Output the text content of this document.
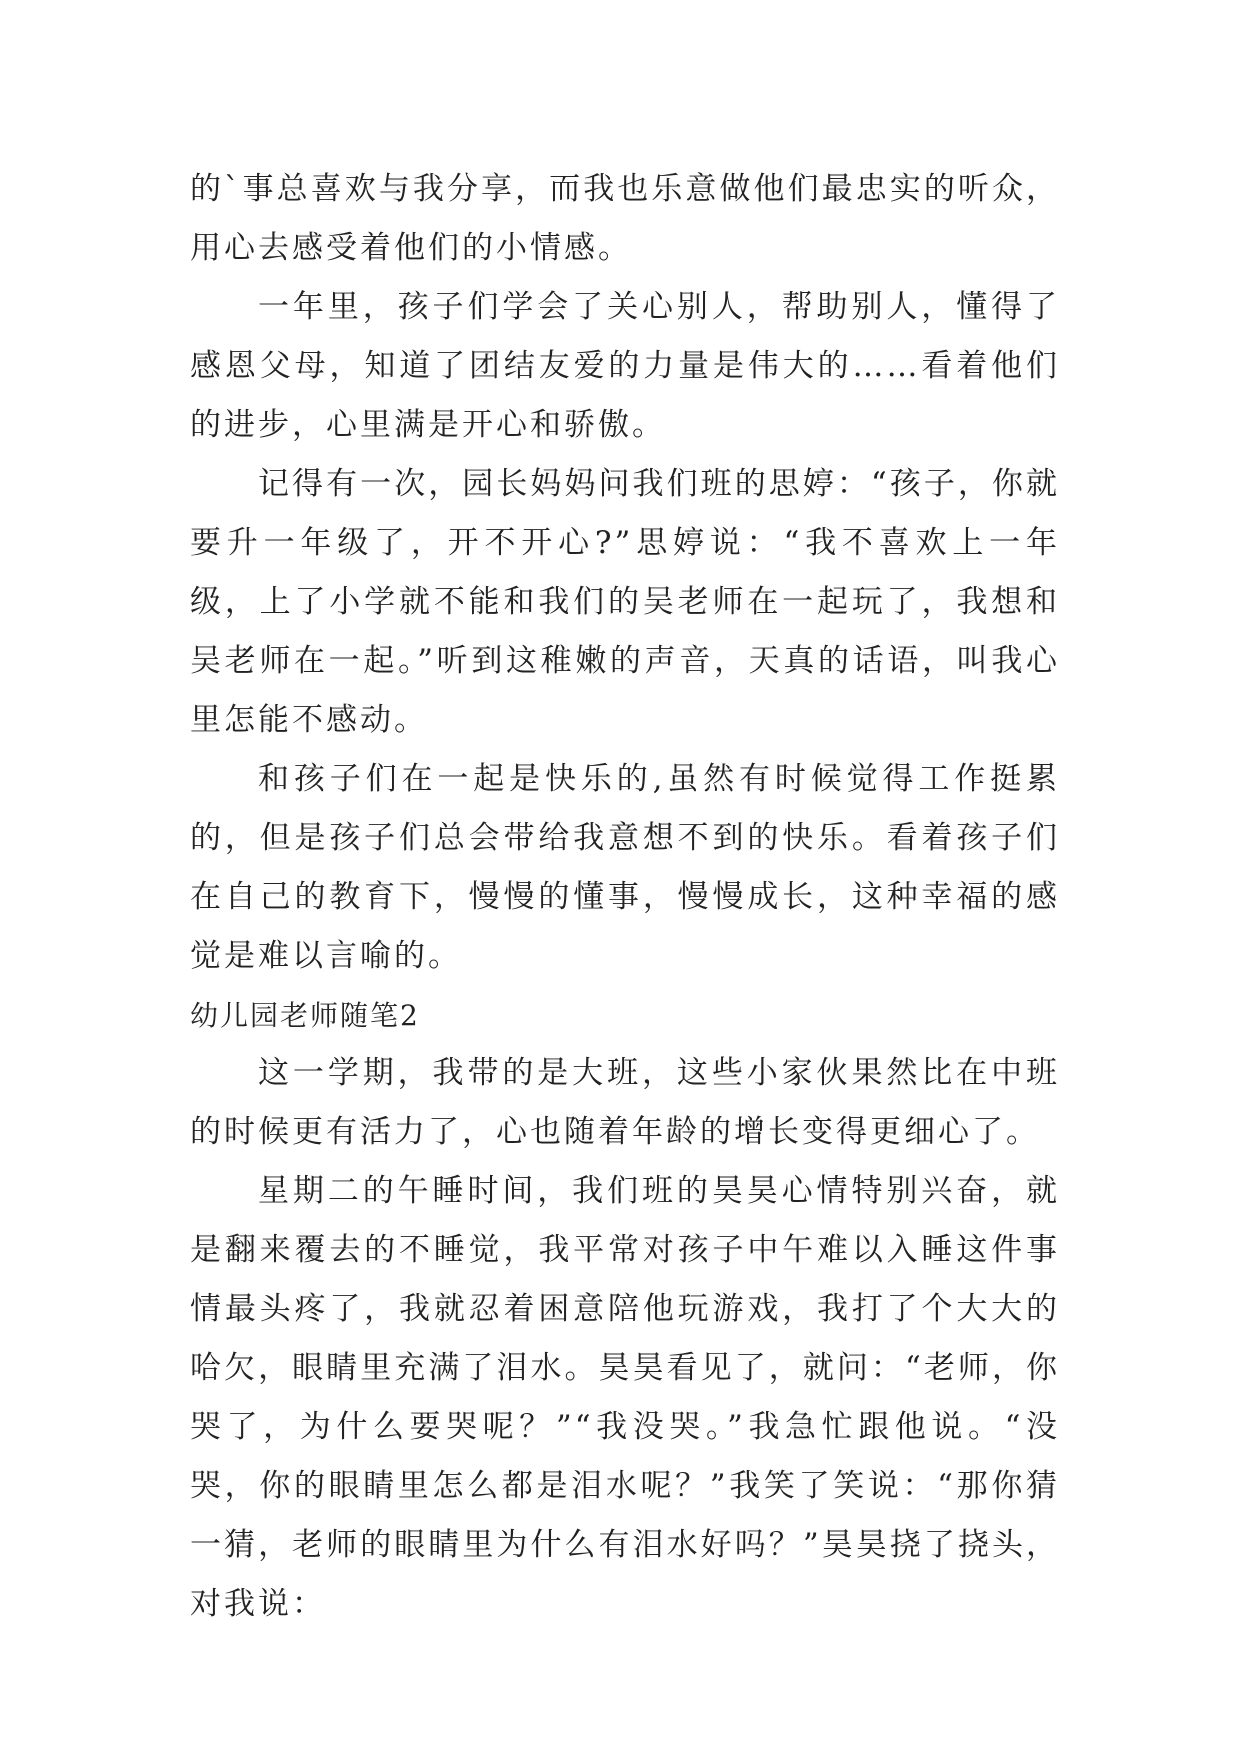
的`事总喜欢与我分享，而我也乐意做他们最忠实的听众，用心去感受着他们的小情感。

一年里，孩子们学会了关心别人，帮助别人，懂得了感恩父母，知道了团结友爱的力量是伟大的……看着他们的进步，心里满是开心和骄傲。

记得有一次，园长妈妈问我们班的思婷：“孩子，你就要升一年级了，开不开心?”思婷说：“我不喜欢上一年级，上了小学就不能和我们的吴老师在一起玩了，我想和吴老师在一起。”听到这稚嫩的声音，天真的话语，叫我心里怎能不感动。

和孩子们在一起是快乐的,虽然有时候觉得工作挺累的，但是孩子们总会带给我意想不到的快乐。看着孩子们在自己的教育下，慢慢的懂事，慢慢成长，这种幸福的感觉是难以言喻的。

幼儿园老师随笔2

这一学期，我带的是大班，这些小家伙果然比在中班的时候更有活力了，心也随着年龄的增长变得更细心了。

星期二的午睡时间，我们班的昊昊心情特别兴奋，就是翻来覆去的不睡觉，我平常对孩子中午难以入睡这件事情最头疼了，我就忍着困意陪他玩游戏，我打了个大大的哈欠，眼睛里充满了泪水。昊昊看见了，就问：“老师，你哭了，为什么要哭呢？”“我没哭。”我急忙跟他说。“没哭，你的眼睛里怎么都是泪水呢？”我笑了笑说：“那你猜一猜，老师的眼睛里为什么有泪水好吗？”昊昊挠了挠头，对我说：
